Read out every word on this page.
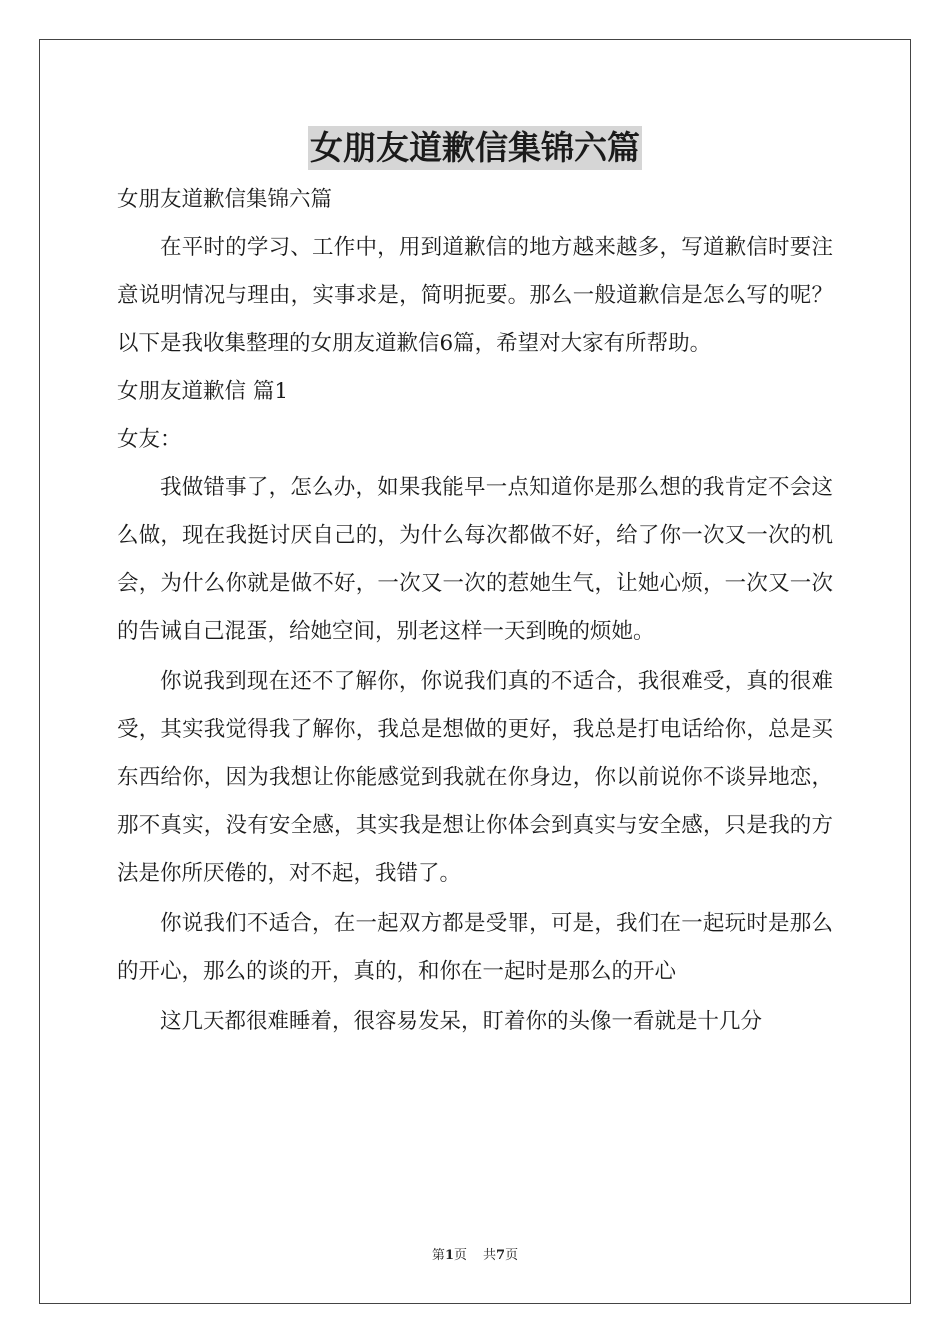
女朋友道歉信集锦六篇

女朋友道歉信集锦六篇

在平时的学习、工作中，用到道歉信的地方越来越多，写道歉信时要注意说明情况与理由，实事求是，简明扼要。那么一般道歉信是怎么写的呢？以下是我收集整理的女朋友道歉信6篇，希望对大家有所帮助。

女朋友道歉信 篇1

女友：

我做错事了，怎么办，如果我能早一点知道你是那么想的我肯定不会这么做，现在我挺讨厌自己的，为什么每次都做不好，给了你一次又一次的机会，为什么你就是做不好，一次又一次的惹她生气，让她心烦，一次又一次的告诫自己混蛋，给她空间，别老这样一天到晚的烦她。

你说我到现在还不了解你，你说我们真的不适合，我很难受，真的很难受，其实我觉得我了解你，我总是想做的更好，我总是打电话给你，总是买东西给你，因为我想让你能感觉到我就在你身边，你以前说你不谈异地恋，那不真实，没有安全感，其实我是想让你体会到真实与安全感，只是我的方法是你所厌倦的，对不起，我错了。

你说我们不适合，在一起双方都是受罪，可是，我们在一起玩时是那么的开心，那么的谈的开，真的，和你在一起时是那么的开心

这几天都很难睡着，很容易发呆，盯着你的头像一看就是十几分

第1页 共7页
